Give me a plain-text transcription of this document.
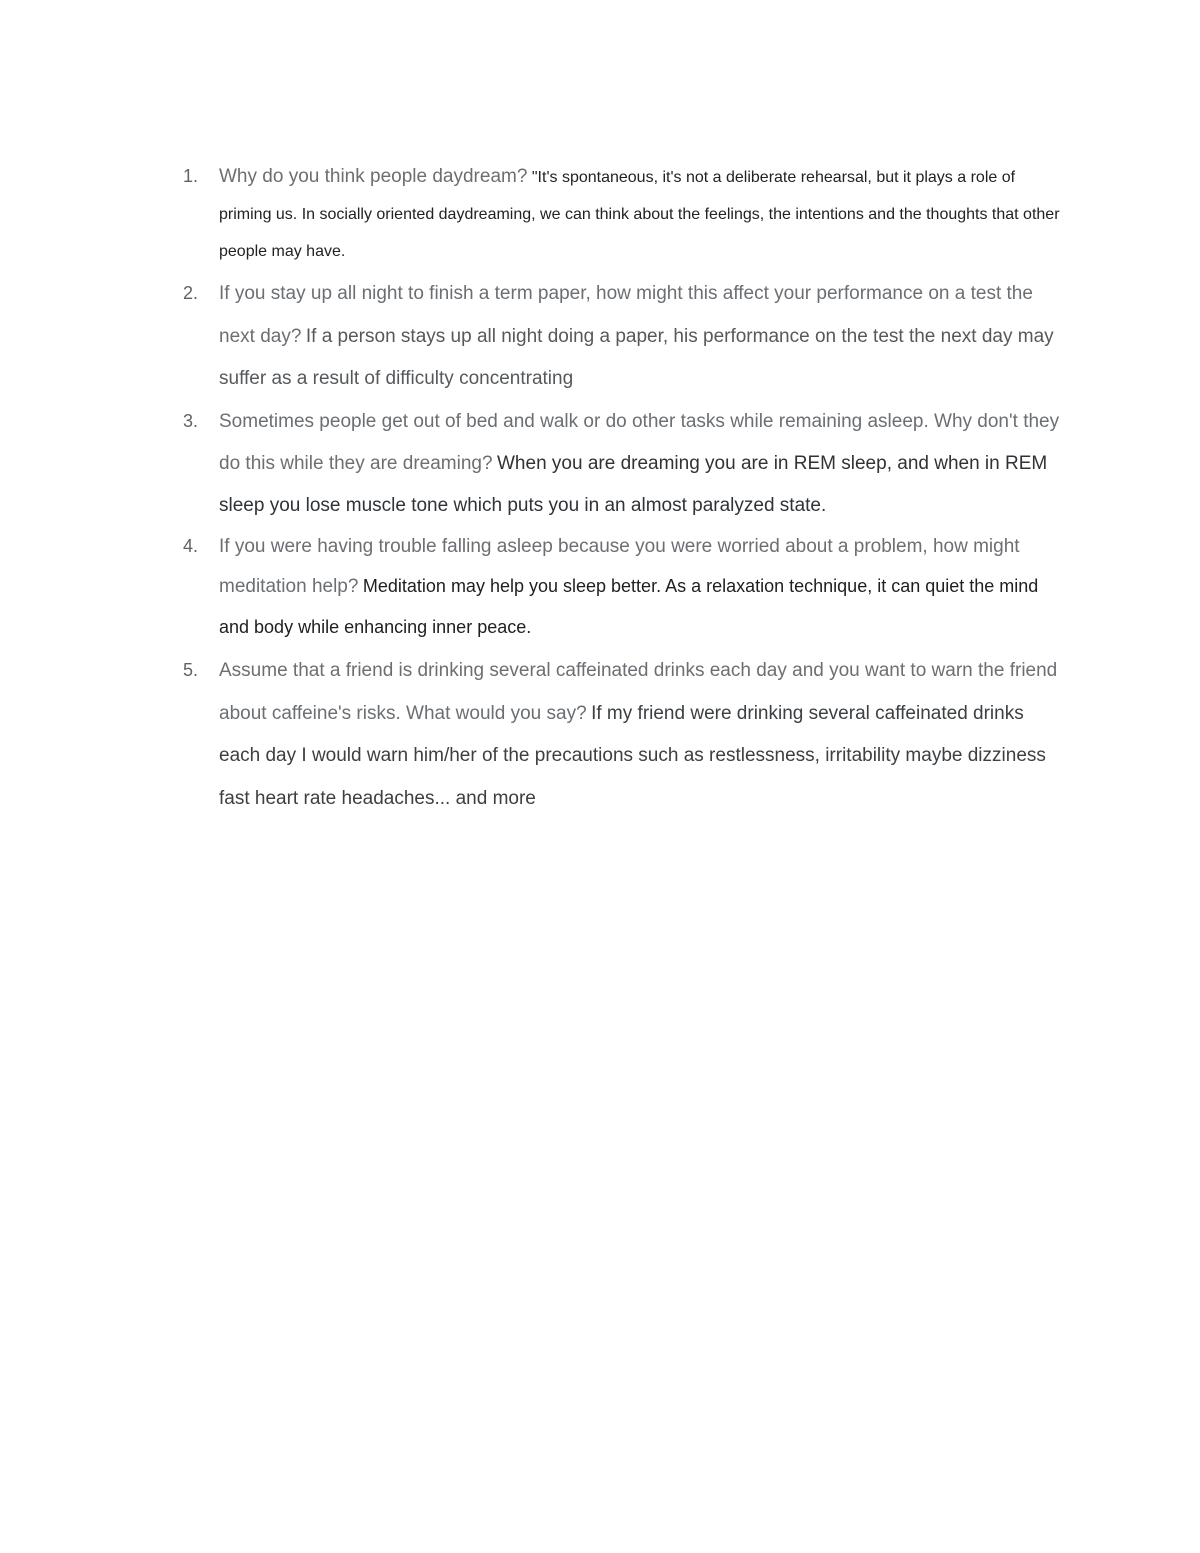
1. Why do you think people daydream? "It's spontaneous, it's not a deliberate rehearsal, but it plays a role of priming us. In socially oriented daydreaming, we can think about the feelings, the intentions and the thoughts that other people may have.
2. If you stay up all night to finish a term paper, how might this affect your performance on a test the next day? If a person stays up all night doing a paper, his performance on the test the next day may suffer as a result of difficulty concentrating
3. Sometimes people get out of bed and walk or do other tasks while remaining asleep. Why don't they do this while they are dreaming? When you are dreaming you are in REM sleep, and when in REM sleep you lose muscle tone which puts you in an almost paralyzed state.
4. If you were having trouble falling asleep because you were worried about a problem, how might meditation help? Meditation may help you sleep better. As a relaxation technique, it can quiet the mind and body while enhancing inner peace.
5. Assume that a friend is drinking several caffeinated drinks each day and you want to warn the friend about caffeine's risks. What would you say? If my friend were drinking several caffeinated drinks each day I would warn him/her of the precautions such as restlessness, irritability maybe dizziness fast heart rate headaches... and more
